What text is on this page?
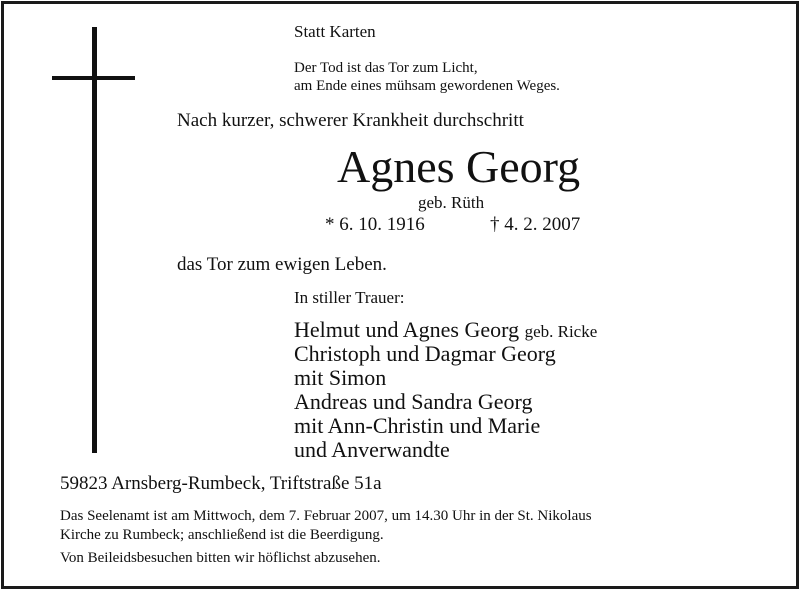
Statt Karten
Der Tod ist das Tor zum Licht,
am Ende eines mühsam gewordenen Weges.
Nach kurzer, schwerer Krankheit durchschritt
Agnes Georg
geb. Rüth
* 6. 10. 1916	† 4. 2. 2007
das Tor zum ewigen Leben.
In stiller Trauer:
Helmut und Agnes Georg geb. Ricke
Christoph und Dagmar Georg
mit Simon
Andreas und Sandra Georg
mit Ann-Christin und Marie
und Anverwandte
59823 Arnsberg-Rumbeck, Triftstraße 51a
Das Seelenamt ist am Mittwoch, dem 7. Februar 2007, um 14.30 Uhr in der St. Nikolaus
Kirche zu Rumbeck; anschließend ist die Beerdigung.
Von Beileidsbesuchen bitten wir höflichst abzusehen.
